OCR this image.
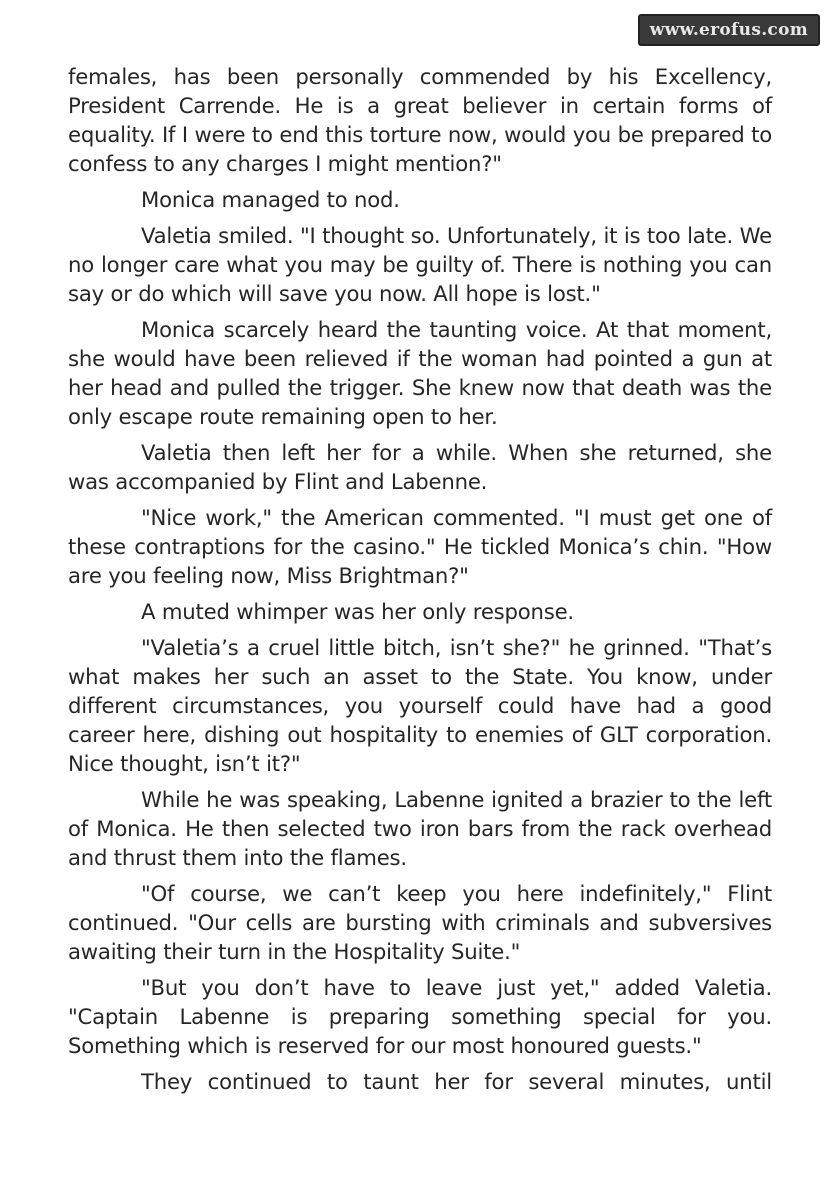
www.erofus.com

females, has been personally commended by his Excellency, President Carrende. He is a great believer in certain forms of equality. If I were to end this torture now, would you be prepared to confess to any charges I might mention?"

Monica managed to nod.

Valetia smiled. "I thought so. Unfortunately, it is too late. We no longer care what you may be guilty of. There is nothing you can say or do which will save you now. All hope is lost."

Monica scarcely heard the taunting voice. At that moment, she would have been relieved if the woman had pointed a gun at her head and pulled the trigger. She knew now that death was the only escape route remaining open to her.

Valetia then left her for a while. When she returned, she was accompanied by Flint and Labenne.

"Nice work," the American commented. "I must get one of these contraptions for the casino." He tickled Monica’s chin. "How are you feeling now, Miss Brightman?"

A muted whimper was her only response.

"Valetia’s a cruel little bitch, isn’t she?" he grinned. "That’s what makes her such an asset to the State. You know, under different circumstances, you yourself could have had a good career here, dishing out hospitality to enemies of GLT corporation. Nice thought, isn’t it?"

While he was speaking, Labenne ignited a brazier to the left of Monica. He then selected two iron bars from the rack overhead and thrust them into the flames.

"Of course, we can’t keep you here indefinitely," Flint continued. "Our cells are bursting with criminals and subversives awaiting their turn in the Hospitality Suite."

"But you don’t have to leave just yet," added Valetia. "Captain Labenne is preparing something special for you. Something which is reserved for our most honoured guests."

They continued to taunt her for several minutes, until
